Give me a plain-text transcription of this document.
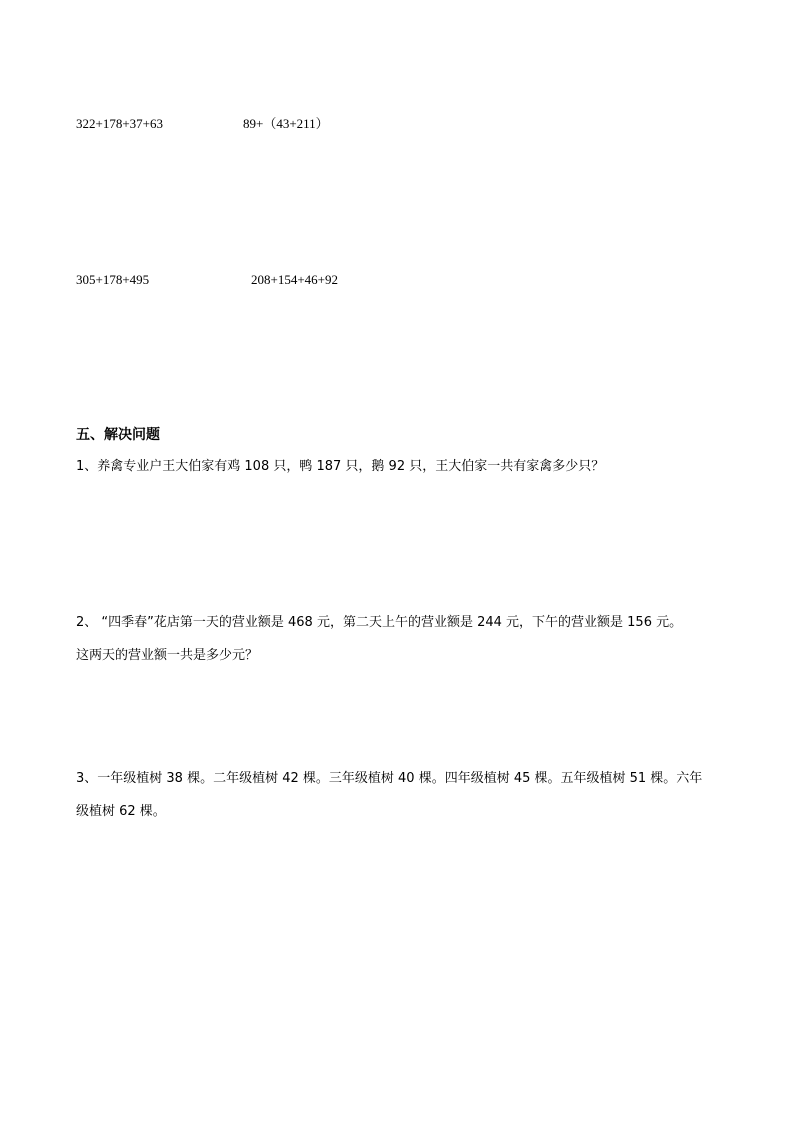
322+178+37+63	89+（43+211）
305+178+495	208+154+46+92
五、解决问题
1、养禽专业户王大伯家有鸡 108 只，鸭 187 只，鹅 92 只，王大伯家一共有家禽多少只？
2、 “四季春”花店第一天的营业额是 468 元，第二天上午的营业额是 244 元，下午的营业额是 156 元。
这两天的营业额一共是多少元？
3、一年级植树 38 棵。二年级植树 42 棵。三年级植树 40 棵。四年级植树 45 棵。五年级植树 51 棵。六年
级植树 62 棵。
